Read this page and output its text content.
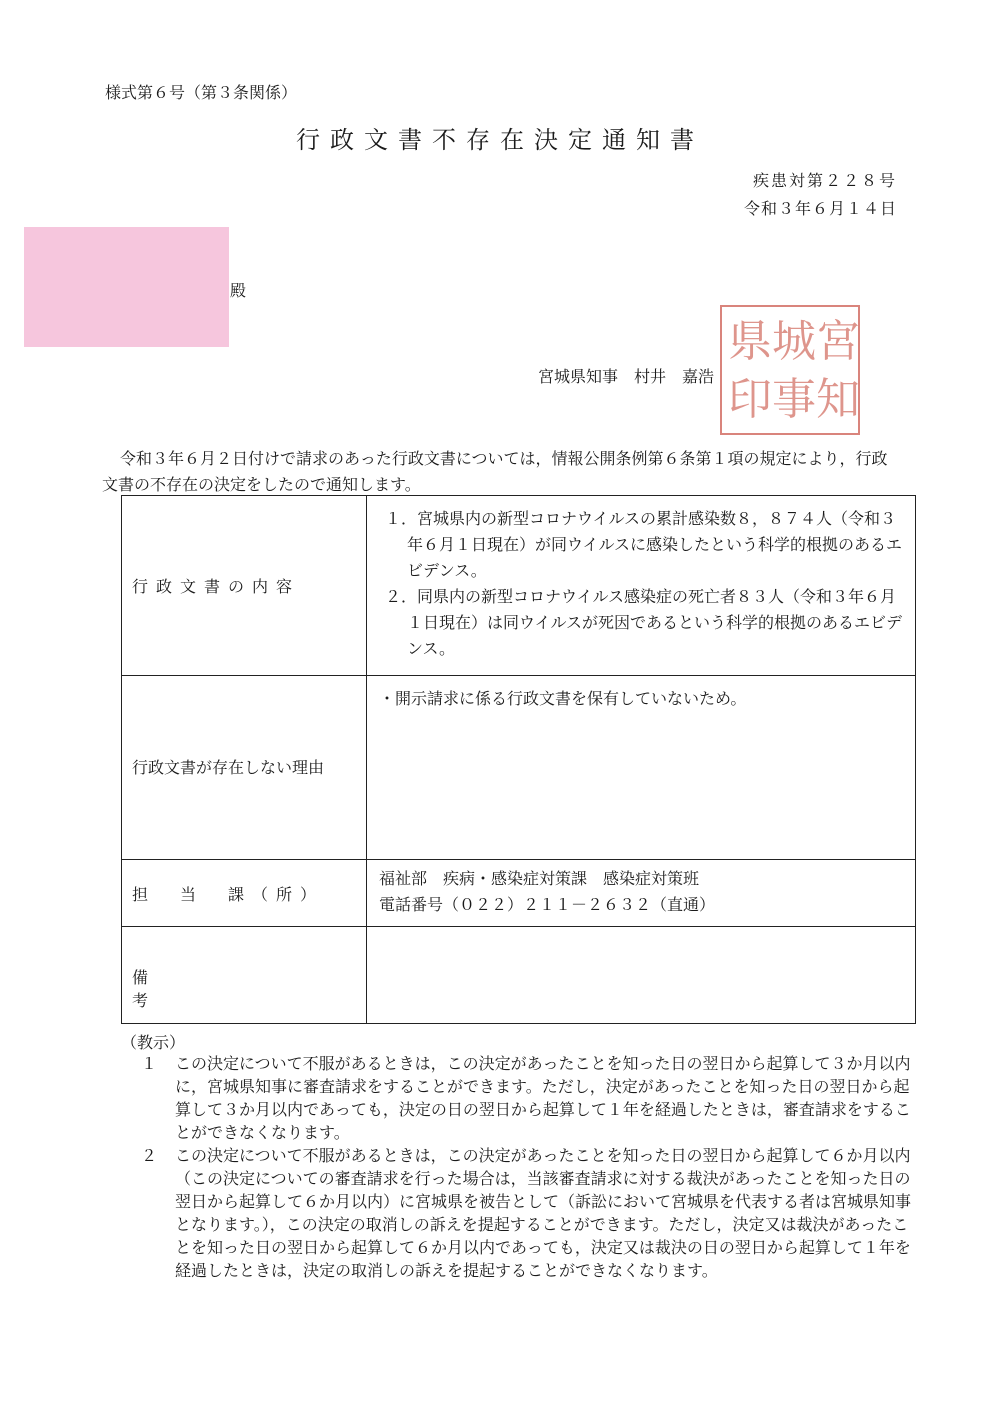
様式第６号（第３条関係）
行政文書不存在決定通知書
疾患対第２２８号
令和３年６月１４日
殿
宮城県知事　村井　嘉浩
県 城 宮
印 事 知
令和３年６月２日付けで請求のあった行政文書については，情報公開条例第６条第１項の規定により，行政文書の不存在の決定をしたので通知します。
行政文書の内容	１．宮城県内の新型コロナウイルスの累計感染数８，８７４人（令和３年６月１日現在）が同ウイルスに感染したという科学的根拠のあるエビデンス。
２．同県内の新型コロナウイルス感染症の死亡者８３人（令和３年６月１日現在）は同ウイルスが死因であるという科学的根拠のあるエビデンス。

行政文書が存在しない理由	・開示請求に係る行政文書を保有していないため。
担　当　課（所）	福祉部　疾病・感染症対策課　感染症対策班
電話番号（０２２）２１１－２６３２（直通）

備　　考	
（教示）
１ この決定について不服があるときは，この決定があったことを知った日の翌日から起算して３か月以内に，宮城県知事に審査請求をすることができます。ただし，決定があったことを知った日の翌日から起算して３か月以内であっても，決定の日の翌日から起算して１年を経過したときは，審査請求をすることができなくなります。
２ この決定について不服があるときは，この決定があったことを知った日の翌日から起算して６か月以内（この決定についての審査請求を行った場合は，当該審査請求に対する裁決があったことを知った日の翌日から起算して６か月以内）に宮城県を被告として（訴訟において宮城県を代表する者は宮城県知事となります。），この決定の取消しの訴えを提起することができます。ただし，決定又は裁決があったことを知った日の翌日から起算して６か月以内であっても，決定又は裁決の日の翌日から起算して１年を経過したときは，決定の取消しの訴えを提起することができなくなります。
